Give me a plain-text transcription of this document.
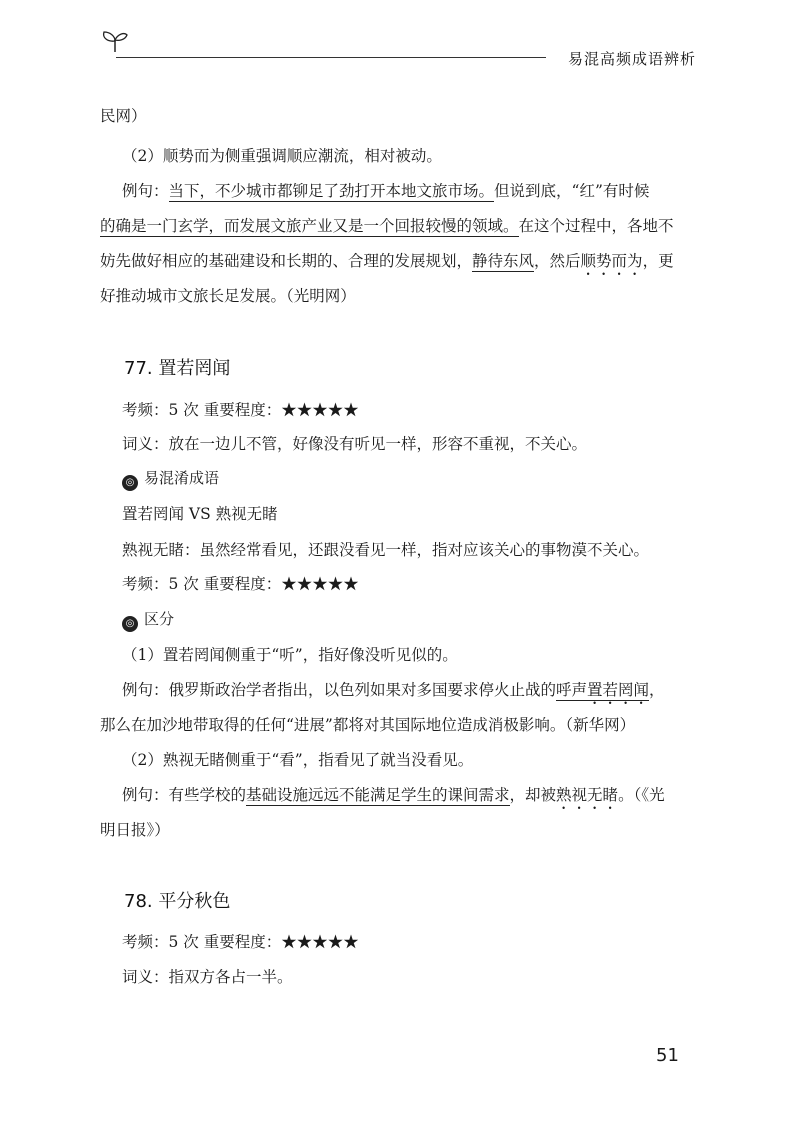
易混高频成语辨析
民网）
（2）顺势而为侧重强调顺应潮流，相对被动。
例句：当下，不少城市都铆足了劲打开本地文旅市场。但说到底，“红”有时候
的确是一门玄学，而发展文旅产业又是一个回报较慢的领域。在这个过程中，各地不
妨先做好相应的基础建设和长期的、合理的发展规划，静待东风，然后顺势而为，更
好推动城市文旅长足发展。（光明网）
77. 置若罔闻
考频：5 次 重要程度：★★★★★
词义：放在一边儿不管，好像没有听见一样，形容不重视，不关心。
◎ 易混淆成语
置若罔闻 VS 熟视无睹
熟视无睹：虽然经常看见，还跟没看见一样，指对应该关心的事物漠不关心。
考频：5 次 重要程度：★★★★★
◎ 区分
（1）置若罔闻侧重于“听”，指好像没听见似的。
例句：俄罗斯政治学者指出，以色列如果对多国要求停火止战的呼声置若罔闻，
那么在加沙地带取得的任何“进展”都将对其国际地位造成消极影响。（新华网）
（2）熟视无睹侧重于“看”，指看见了就当没看见。
例句：有些学校的基础设施远远不能满足学生的课间需求，却被熟视无睹。（《光
明日报》）
78. 平分秋色
考频：5 次 重要程度：★★★★★
词义：指双方各占一半。
51
